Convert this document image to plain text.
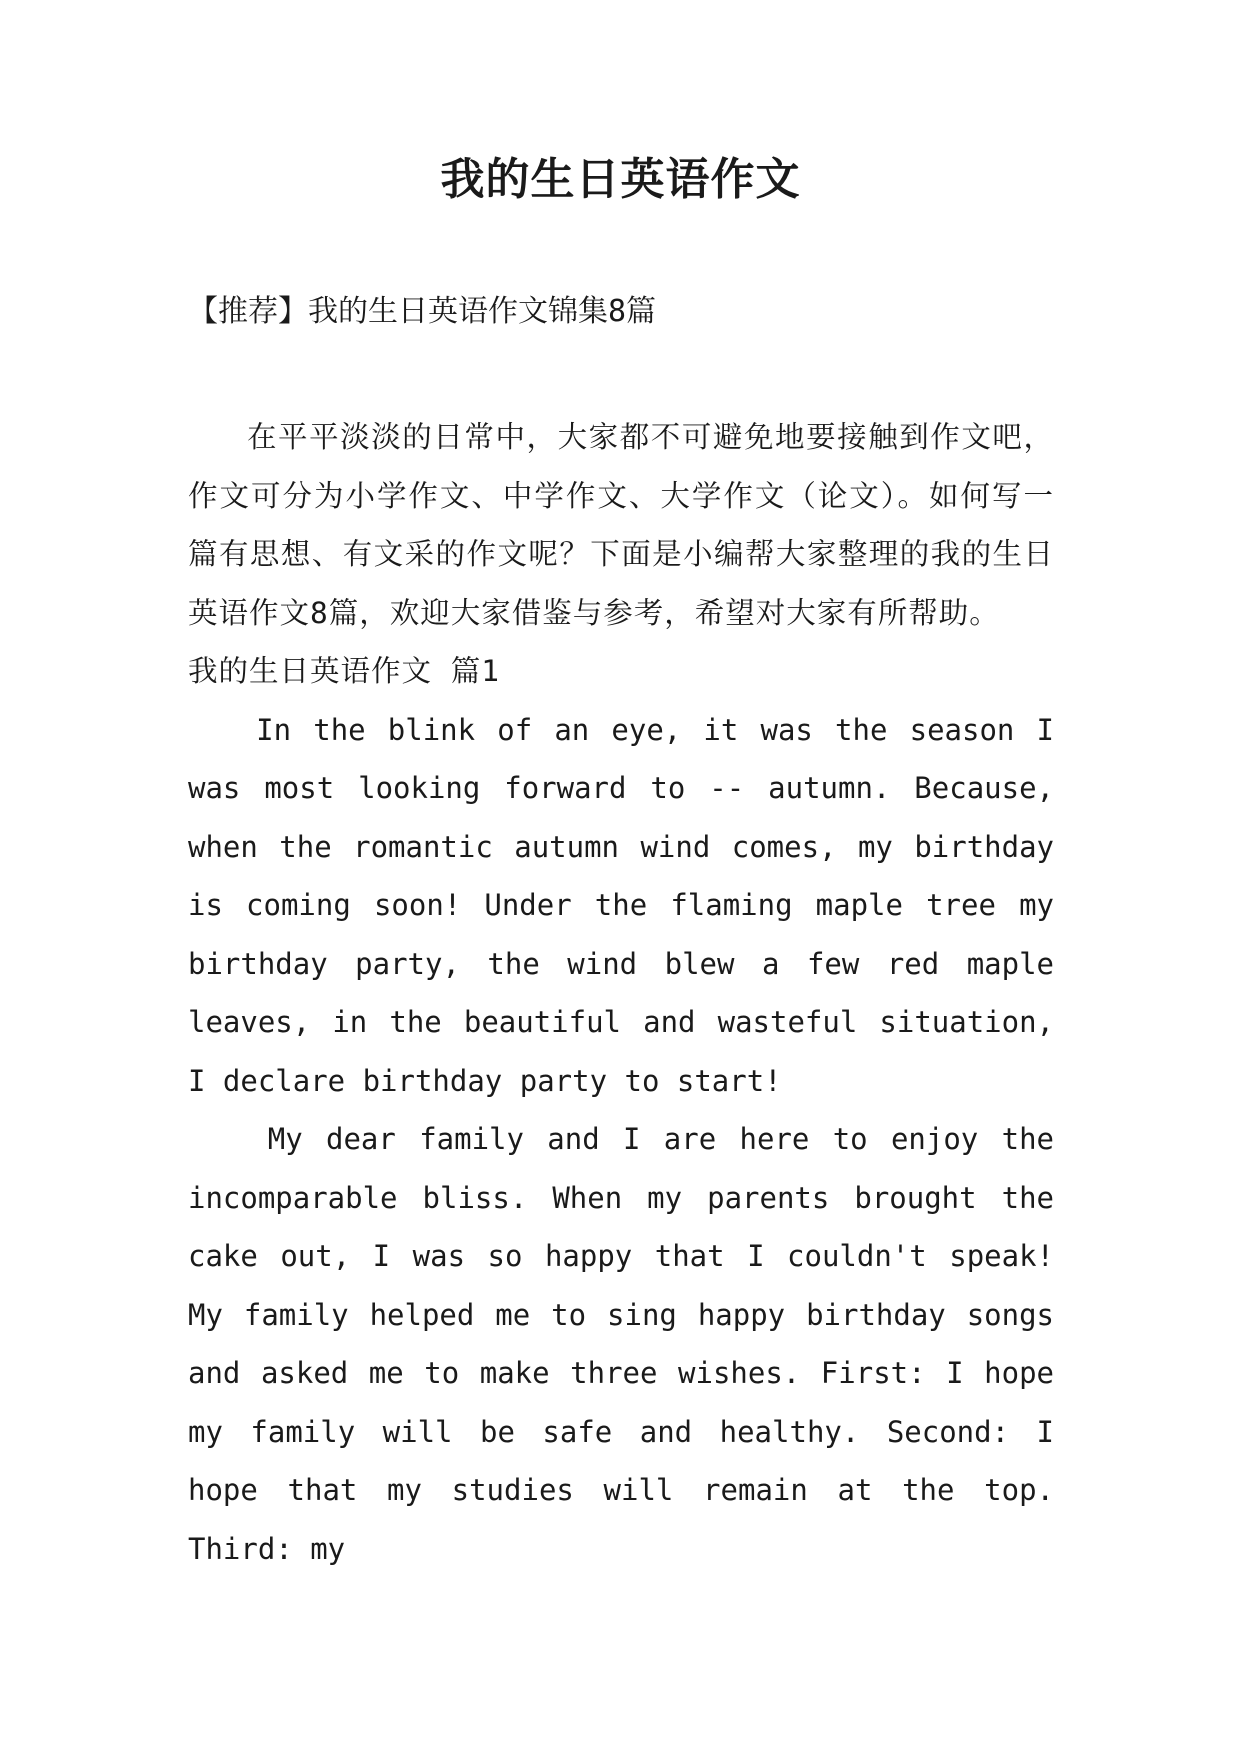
我的生日英语作文

【推荐】我的生日英语作文锦集8篇

在平平淡淡的日常中，大家都不可避免地要接触到作文吧，作文可分为小学作文、中学作文、大学作文（论文）。如何写一篇有思想、有文采的作文呢？下面是小编帮大家整理的我的生日英语作文8篇，欢迎大家借鉴与参考，希望对大家有所帮助。

我的生日英语作文 篇1

In the blink of an eye, it was the season I was most looking forward to -- autumn. Because, when the romantic autumn wind comes, my birthday is coming soon! Under the flaming maple tree my birthday party, the wind blew a few red maple leaves, in the beautiful and wasteful situation, I declare birthday party to start!

My dear family and I are here to enjoy the incomparable bliss. When my parents brought the cake out, I was so happy that I couldn't speak! My family helped me to sing happy birthday songs and asked me to make three wishes. First: I hope my family will be safe and healthy. Second: I hope that my studies will remain at the top. Third: my
